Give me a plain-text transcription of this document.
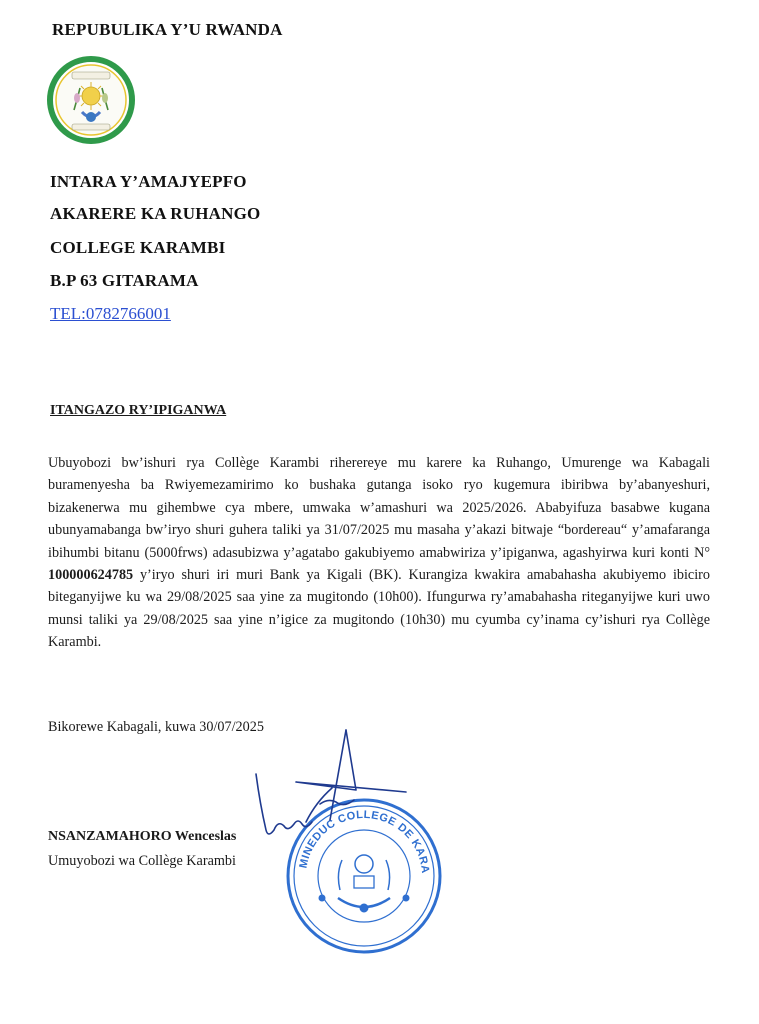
REPUBULIKA Y’U RWANDA
INTARA Y’AMAJYEPFO
AKARERE KA RUHANGO
COLLEGE KARAMBI
B.P 63 GITARAMA
TEL:0782766001
ITANGAZO RY’IPIGANWA
Ubuyobozi bw’ishuri rya Collège Karambi riherereye mu karere ka Ruhango, Umurenge wa Kabagali buramenyesha ba Rwiyemezamirimo ko bushaka gutanga isoko ryo kugemura ibiribwa by’abanyeshuri, bizakenerwa mu gihembwe cya mbere, umwaka w’amashuri wa 2025/2026. Ababyifuza basabwe kugana ubunyamabanga bw’iryo shuri guhera taliki ya 31/07/2025 mu masaha y’akazi bitwaje “bordereau“ y’amafaranga ibihumbi bitanu (5000frws) adasubizwa y’agatabo gakubiyemo amabwiriza y’ipiganwa, agashyirwa kuri konti N° 100000624785 y’iryo shuri iri muri Bank ya Kigali (BK). Kurangiza kwakira amabahasha akubiyemo ibiciro biteganyijwe ku wa 29/08/2025 saa yine za mugitondo (10h00). Ifungurwa ry’amabahasha riteganyijwe kuri uwo munsi taliki ya 29/08/2025 saa yine n’igice za mugitondo (10h30) mu cyumba cy’inama cy’ishuri rya Collège Karambi.
Bikorewe Kabagali, kuwa 30/07/2025
MINEDUC COLLEGE DE KARA
NSANZAMAHORO Wenceslas
Umuyobozi wa Collège Karambi
